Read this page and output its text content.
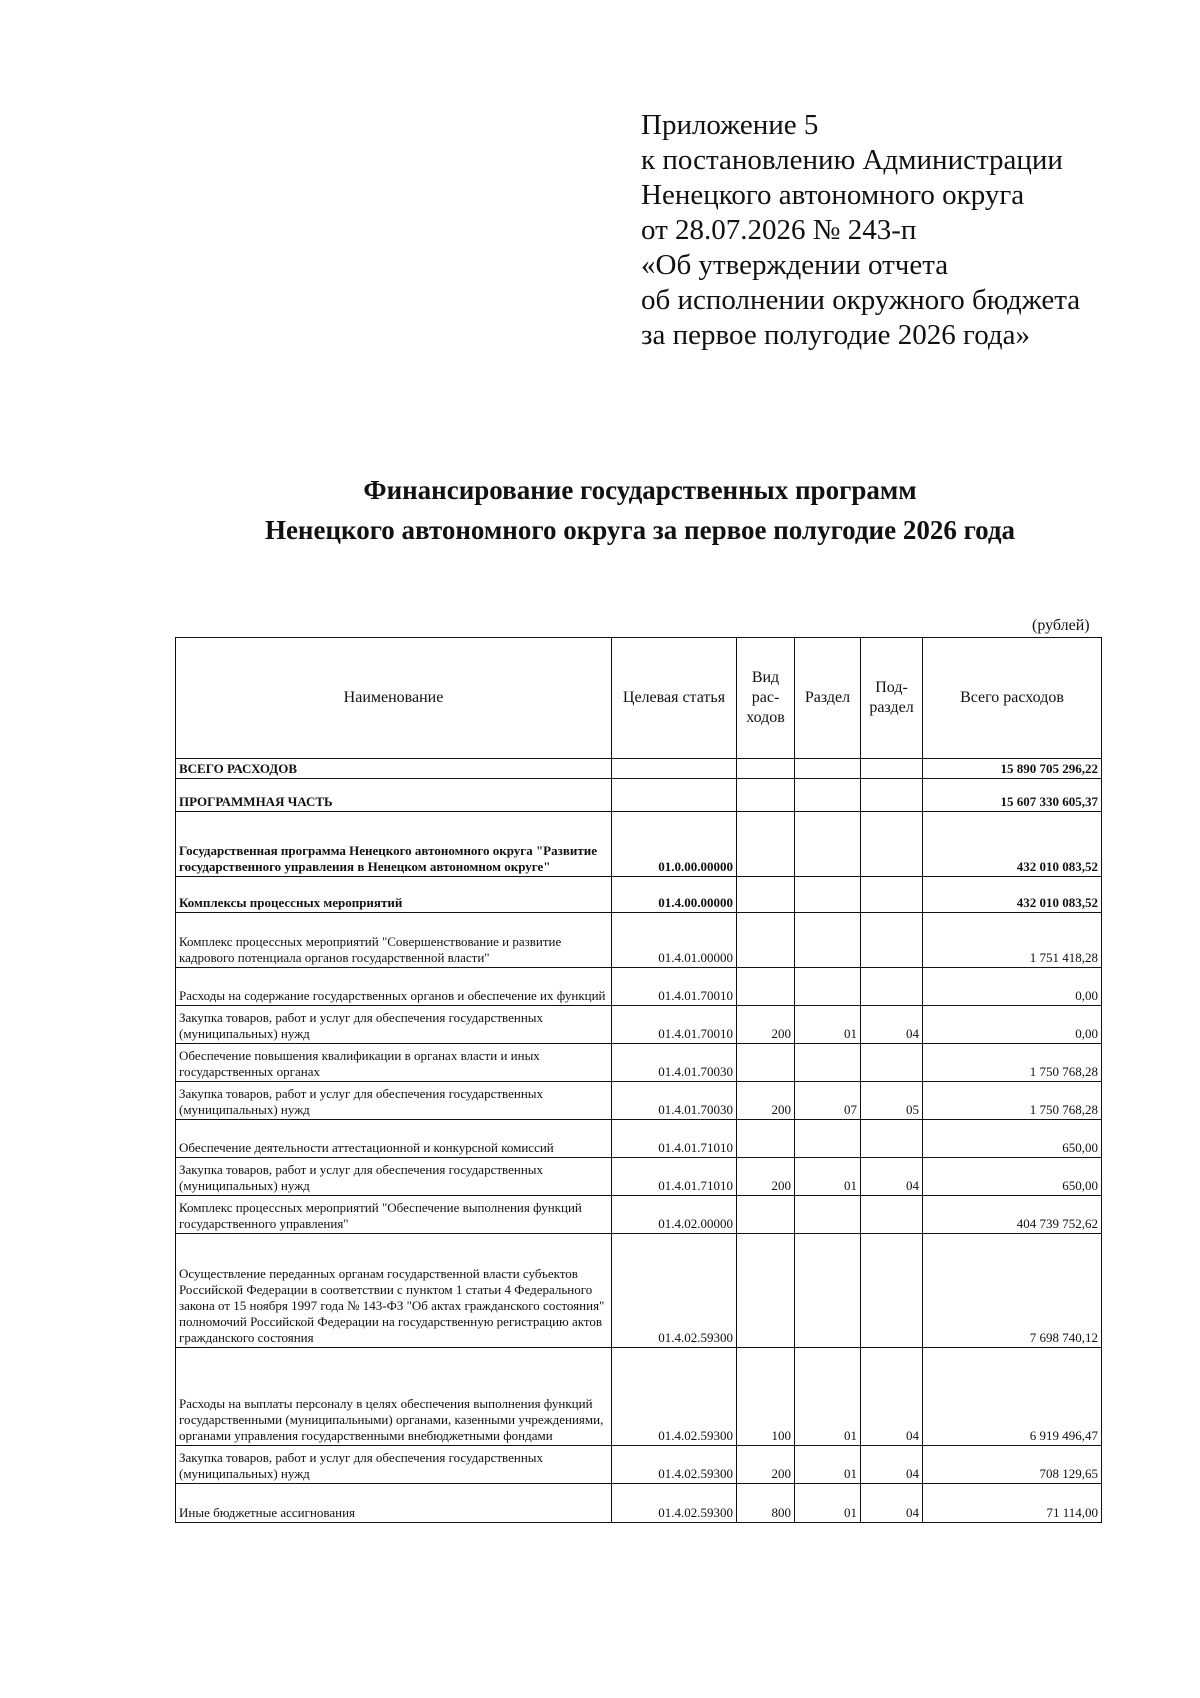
Приложение 5
к постановлению Администрации
Ненецкого автономного округа
от 28.07.2026 № 243-п
«Об утверждении отчета
об исполнении окружного бюджета
за первое полугодие 2026 года»
Финансирование государственных программ
Ненецкого автономного округа за первое полугодие 2026 года
(рублей)
Наименование	Целевая статья	Вид рас-ходов	Раздел	Под-раздел	Всего расходов
ВСЕГО РАСХОДОВ					15 890 705 296,22
ПРОГРАММНАЯ ЧАСТЬ					15 607 330 605,37
Государственная программа Ненецкого автономного округа "Развитие государственного управления в Ненецком автономном округе"	01.0.00.00000				432 010 083,52
Комплексы процессных мероприятий	01.4.00.00000				432 010 083,52
Комплекс процессных мероприятий "Совершенствование и развитие кадрового потенциала органов государственной власти"	01.4.01.00000				1 751 418,28
Расходы на содержание государственных органов и обеспечение их функций	01.4.01.70010				0,00
Закупка товаров, работ и услуг для обеспечения государственных (муниципальных) нужд	01.4.01.70010	200	01	04	0,00
Обеспечение повышения квалификации в органах власти и иных государственных органах	01.4.01.70030				1 750 768,28
Закупка товаров, работ и услуг для обеспечения государственных (муниципальных) нужд	01.4.01.70030	200	07	05	1 750 768,28
Обеспечение деятельности аттестационной и конкурсной комиссий	01.4.01.71010				650,00
Закупка товаров, работ и услуг для обеспечения государственных (муниципальных) нужд	01.4.01.71010	200	01	04	650,00
Комплекс процессных мероприятий "Обеспечение выполнения функций государственного управления"	01.4.02.00000				404 739 752,62
Осуществление переданных органам государственной власти субъектов Российской Федерации в соответствии с пунктом 1 статьи 4 Федерального закона от 15 ноября 1997 года № 143-ФЗ "Об актах гражданского состояния" полномочий Российской Федерации на государственную регистрацию актов гражданского состояния	01.4.02.59300				7 698 740,12
Расходы на выплаты персоналу в целях обеспечения выполнения функций государственными (муниципальными) органами, казенными учреждениями, органами управления государственными внебюджетными фондами	01.4.02.59300	100	01	04	6 919 496,47
Закупка товаров, работ и услуг для обеспечения государственных (муниципальных) нужд	01.4.02.59300	200	01	04	708 129,65
Иные бюджетные ассигнования	01.4.02.59300	800	01	04	71 114,00
